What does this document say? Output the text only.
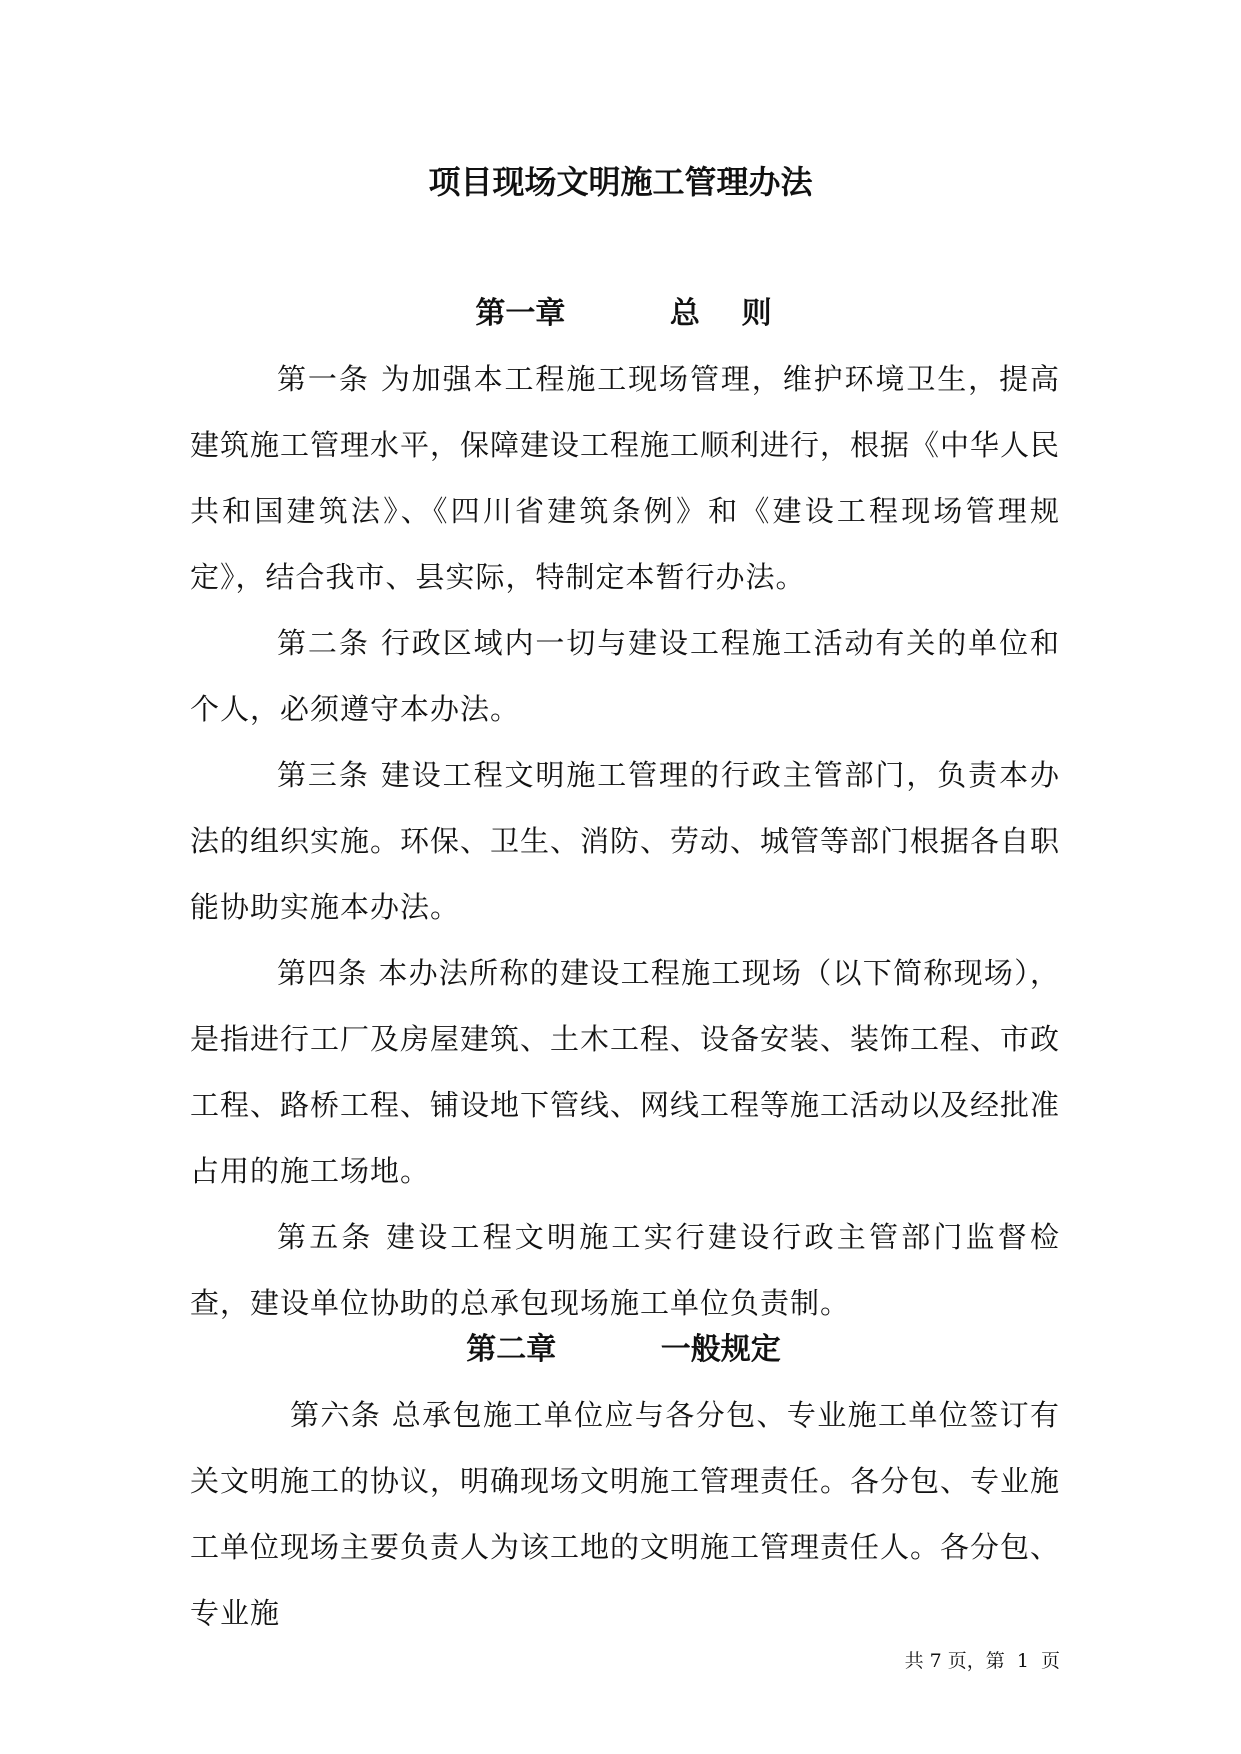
项目现场文明施工管理办法
第一章          总    则

第一条 为加强本工程施工现场管理，维护环境卫生，提高建筑施工管理水平，保障建设工程施工顺利进行，根据《中华人民共和国建筑法》、《四川省建筑条例》和《建设工程现场管理规定》，结合我市、县实际，特制定本暂行办法。

第二条 行政区域内一切与建设工程施工活动有关的单位和个人，必须遵守本办法。

第三条 建设工程文明施工管理的行政主管部门，负责本办法的组织实施。环保、卫生、消防、劳动、城管等部门根据各自职能协助实施本办法。

第四条 本办法所称的建设工程施工现场（以下简称现场），是指进行工厂及房屋建筑、土木工程、设备安装、装饰工程、市政工程、路桥工程、铺设地下管线、网线工程等施工活动以及经批准占用的施工场地。

第五条 建设工程文明施工实行建设行政主管部门监督检查，建设单位协助的总承包现场施工单位负责制。

第二章          一般规定

第六条 总承包施工单位应与各分包、专业施工单位签订有关文明施工的协议，明确现场文明施工管理责任。各分包、专业施工单位现场主要负责人为该工地的文明施工管理责任人。各分包、专业施

共 7 页，第  1  页
